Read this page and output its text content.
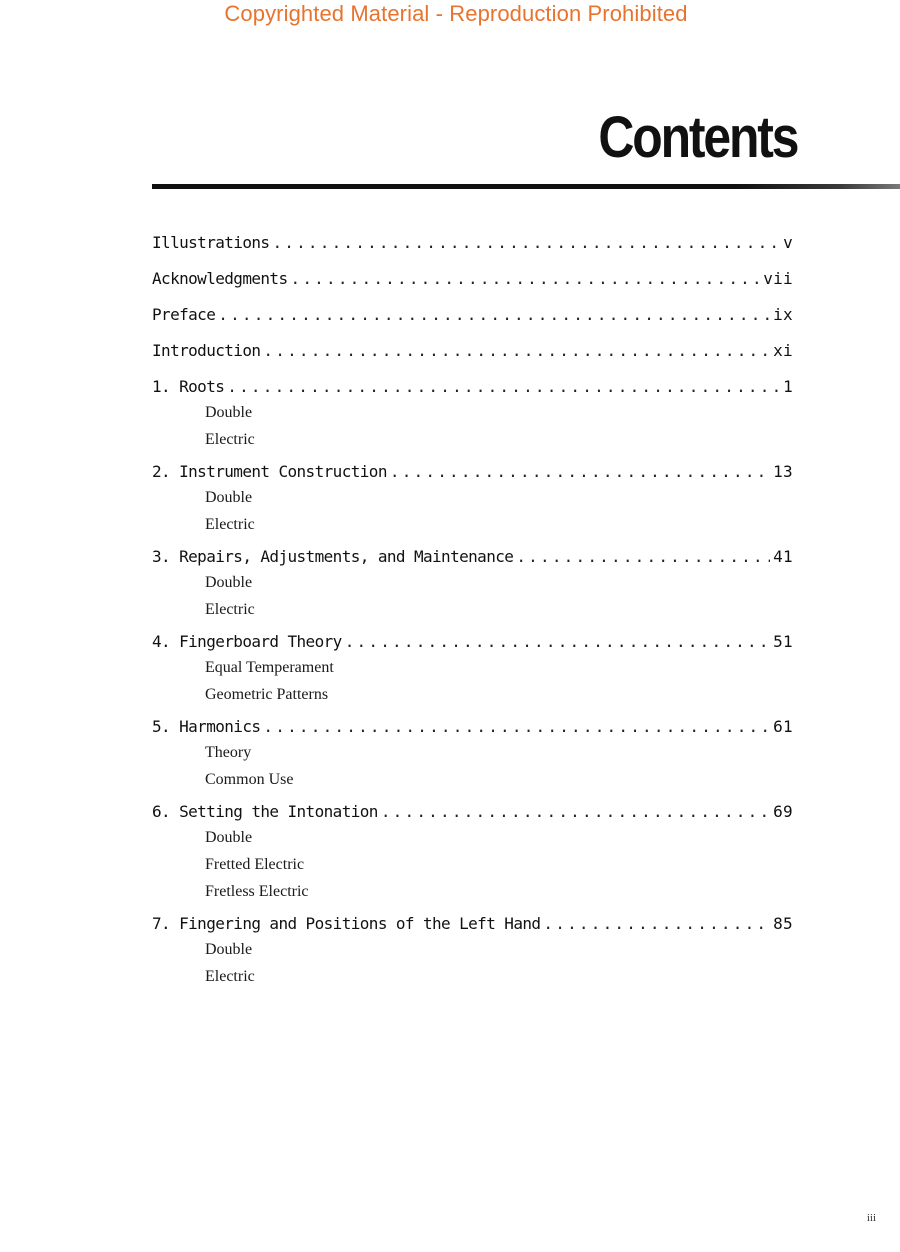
Copyrighted Material - Reproduction Prohibited
Contents
Illustrations .....	v
Acknowledgments .....	vii
Preface .....	ix
Introduction .....	xi
1. Roots .....	1
Double
Electric
2. Instrument Construction .....	13
Double
Electric
3. Repairs, Adjustments, and Maintenance .....	41
Double
Electric
4. Fingerboard Theory .....	51
Equal Temperament
Geometric Patterns
5. Harmonics .....	61
Theory
Common Use
6. Setting the Intonation .....	69
Double
Fretted Electric
Fretless Electric
7. Fingering and Positions of the Left Hand .....	85
Double
Electric
iii
